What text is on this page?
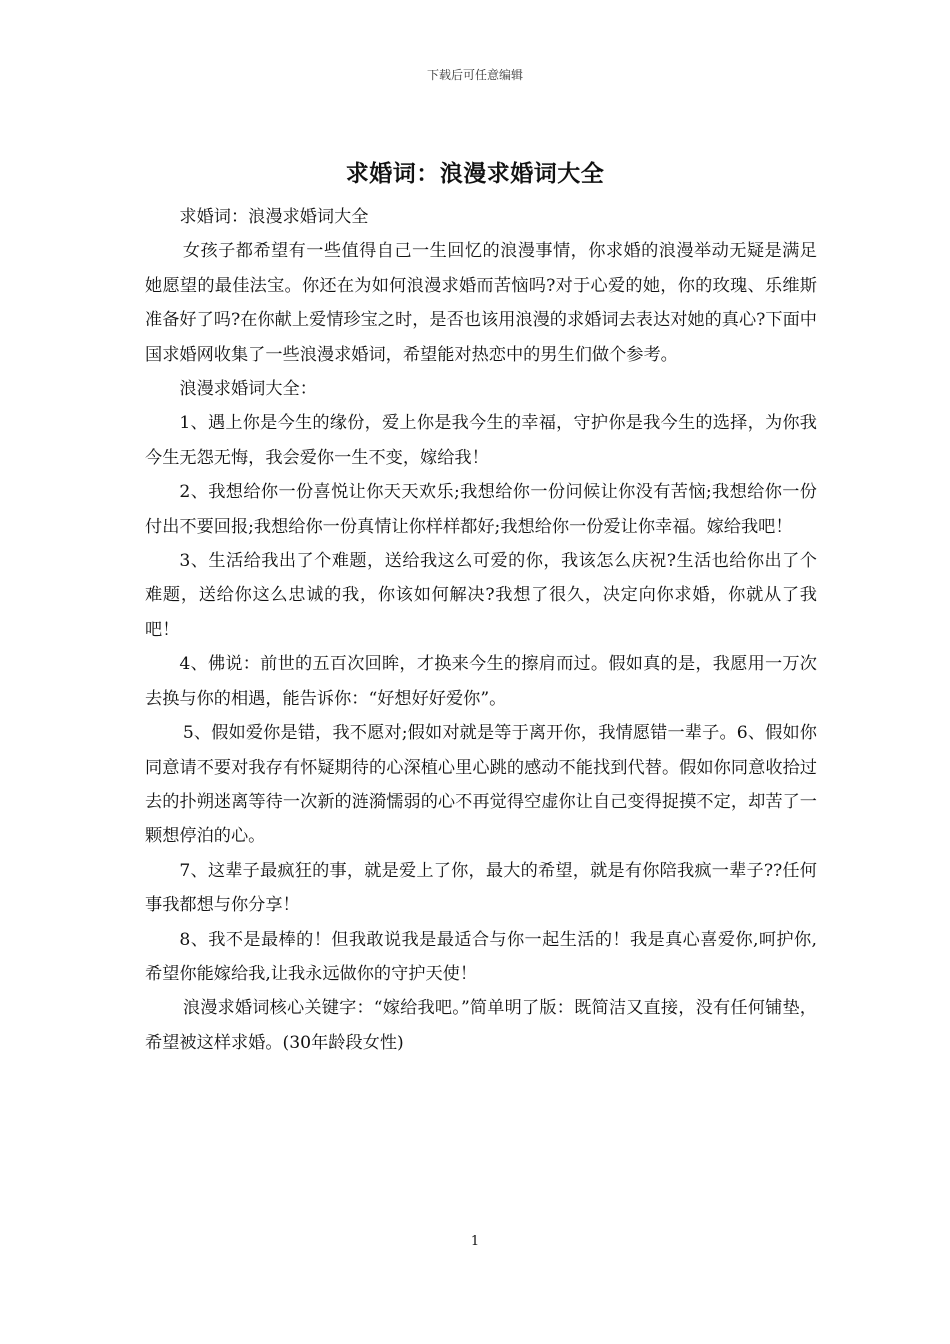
下载后可任意编辑
求婚词：浪漫求婚词大全

求婚词：浪漫求婚词大全

女孩子都希望有一些值得自己一生回忆的浪漫事情，你求婚的浪漫举动无疑是满足她愿望的最佳法宝。你还在为如何浪漫求婚而苦恼吗?对于心爱的她，你的玫瑰、乐维斯准备好了吗?在你献上爱情珍宝之时，是否也该用浪漫的求婚词去表达对她的真心?下面中国求婚网收集了一些浪漫求婚词，希望能对热恋中的男生们做个参考。

浪漫求婚词大全：

1、遇上你是今生的缘份，爱上你是我今生的幸福，守护你是我今生的选择，为你我今生无怨无悔，我会爱你一生不变，嫁给我！

2、我想给你一份喜悦让你天天欢乐;我想给你一份问候让你没有苦恼;我想给你一份付出不要回报;我想给你一份真情让你样样都好;我想给你一份爱让你幸福。嫁给我吧！

3、生活给我出了个难题，送给我这么可爱的你，我该怎么庆祝?生活也给你出了个难题，送给你这么忠诚的我，你该如何解决?我想了很久，决定向你求婚，你就从了我吧！

4、佛说：前世的五百次回眸，才换来今生的擦肩而过。假如真的是，我愿用一万次去换与你的相遇，能告诉你：“好想好好爱你”。

5、假如爱你是错，我不愿对;假如对就是等于离开你，我情愿错一辈子。6、假如你同意请不要对我存有怀疑期待的心深植心里心跳的感动不能找到代替。假如你同意收拾过去的扑朔迷离等待一次新的涟漪懦弱的心不再觉得空虚你让自己变得捉摸不定，却苦了一颗想停泊的心。

7、这辈子最疯狂的事，就是爱上了你，最大的希望，就是有你陪我疯一辈子??任何事我都想与你分享！

8、我不是最棒的！但我敢说我是最适合与你一起生活的！我是真心喜爱你,呵护你,希望你能嫁给我,让我永远做你的守护天使！

浪漫求婚词核心关键字：“嫁给我吧。”简单明了版：既简洁又直接，没有任何铺垫，希望被这样求婚。(30年龄段女性)

1
